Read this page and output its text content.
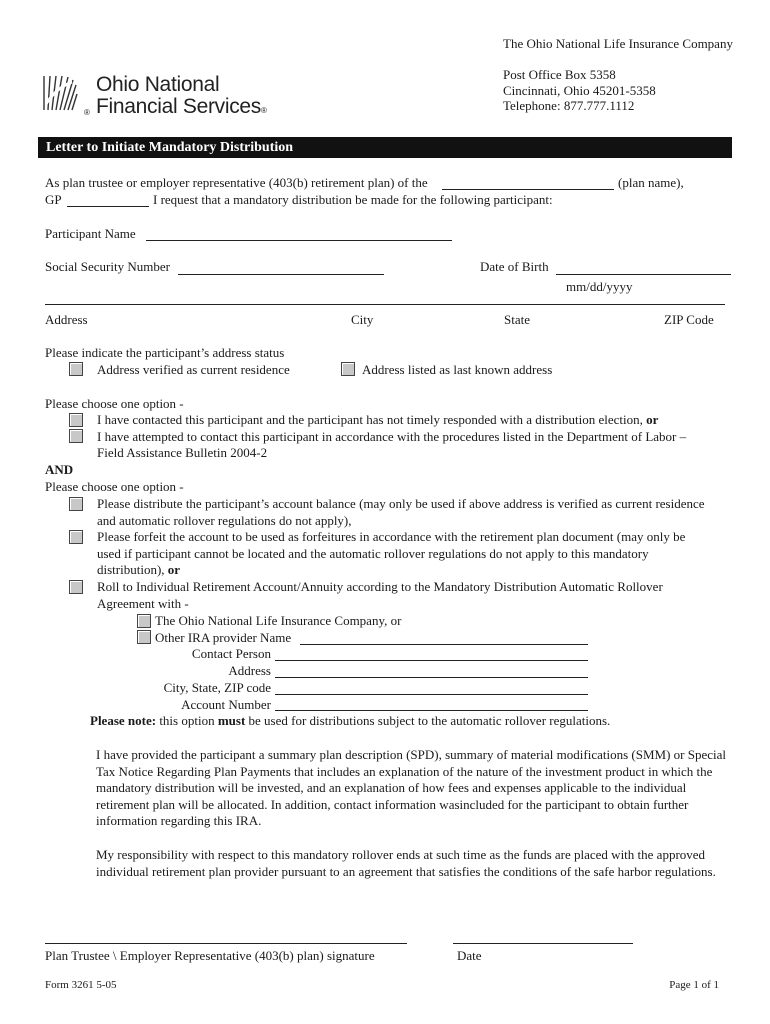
Ohio National
Financial Services®
®
The Ohio National Life Insurance Company
Post Office Box 5358
Cincinnati, Ohio 45201-5358
Telephone: 877.777.1112
Letter to Initiate Mandatory Distribution
As plan trustee or employer representative (403(b) retirement plan) of the	(plan name),
GP	I request that a mandatory distribution be made for the following participant:
Participant Name
Social Security Number	Date of Birth
mm/dd/yyyy
Address	City	State	ZIP Code
Please indicate the participant’s address status
Address verified as current residence	Address listed as last known address
Please choose one option -
I have contacted this participant and the participant has not timely responded with a distribution election, or
I have attempted to contact this participant in accordance with the procedures listed in the Department of Labor –
Field Assistance Bulletin 2004-2
AND
Please choose one option -
Please distribute the participant’s account balance (may only be used if above address is verified as current residence
and automatic rollover regulations do not apply),
Please forfeit the account to be used as forfeitures in accordance with the retirement plan document (may only be
used if participant cannot be located and the automatic rollover regulations do not apply to this mandatory
distribution), or
Roll to Individual Retirement Account/Annuity according to the Mandatory Distribution Automatic Rollover
Agreement with -
The Ohio National Life Insurance Company, or
Other IRA provider Name
Contact Person
Address
City, State, ZIP code
Account Number
Please note: this option must be used for distributions subject to the automatic rollover regulations.
I have provided the participant a summary plan description (SPD), summary of material modifications (SMM) or Special Tax Notice Regarding Plan Payments that includes an explanation of the nature of the investment product in which the mandatory distribution will be invested, and an explanation of how fees and expenses applicable to the individual retirement plan will be allocated. In addition, contact information wasincluded for the participant to obtain further information regarding this IRA.
My responsibility with respect to this mandatory rollover ends at such time as the funds are placed with the approved individual retirement plan provider pursuant to an agreement that satisfies the conditions of the safe harbor regulations.
Plan Trustee \ Employer Representative (403(b) plan) signature	Date
Form 3261 5-05	Page 1 of 1
